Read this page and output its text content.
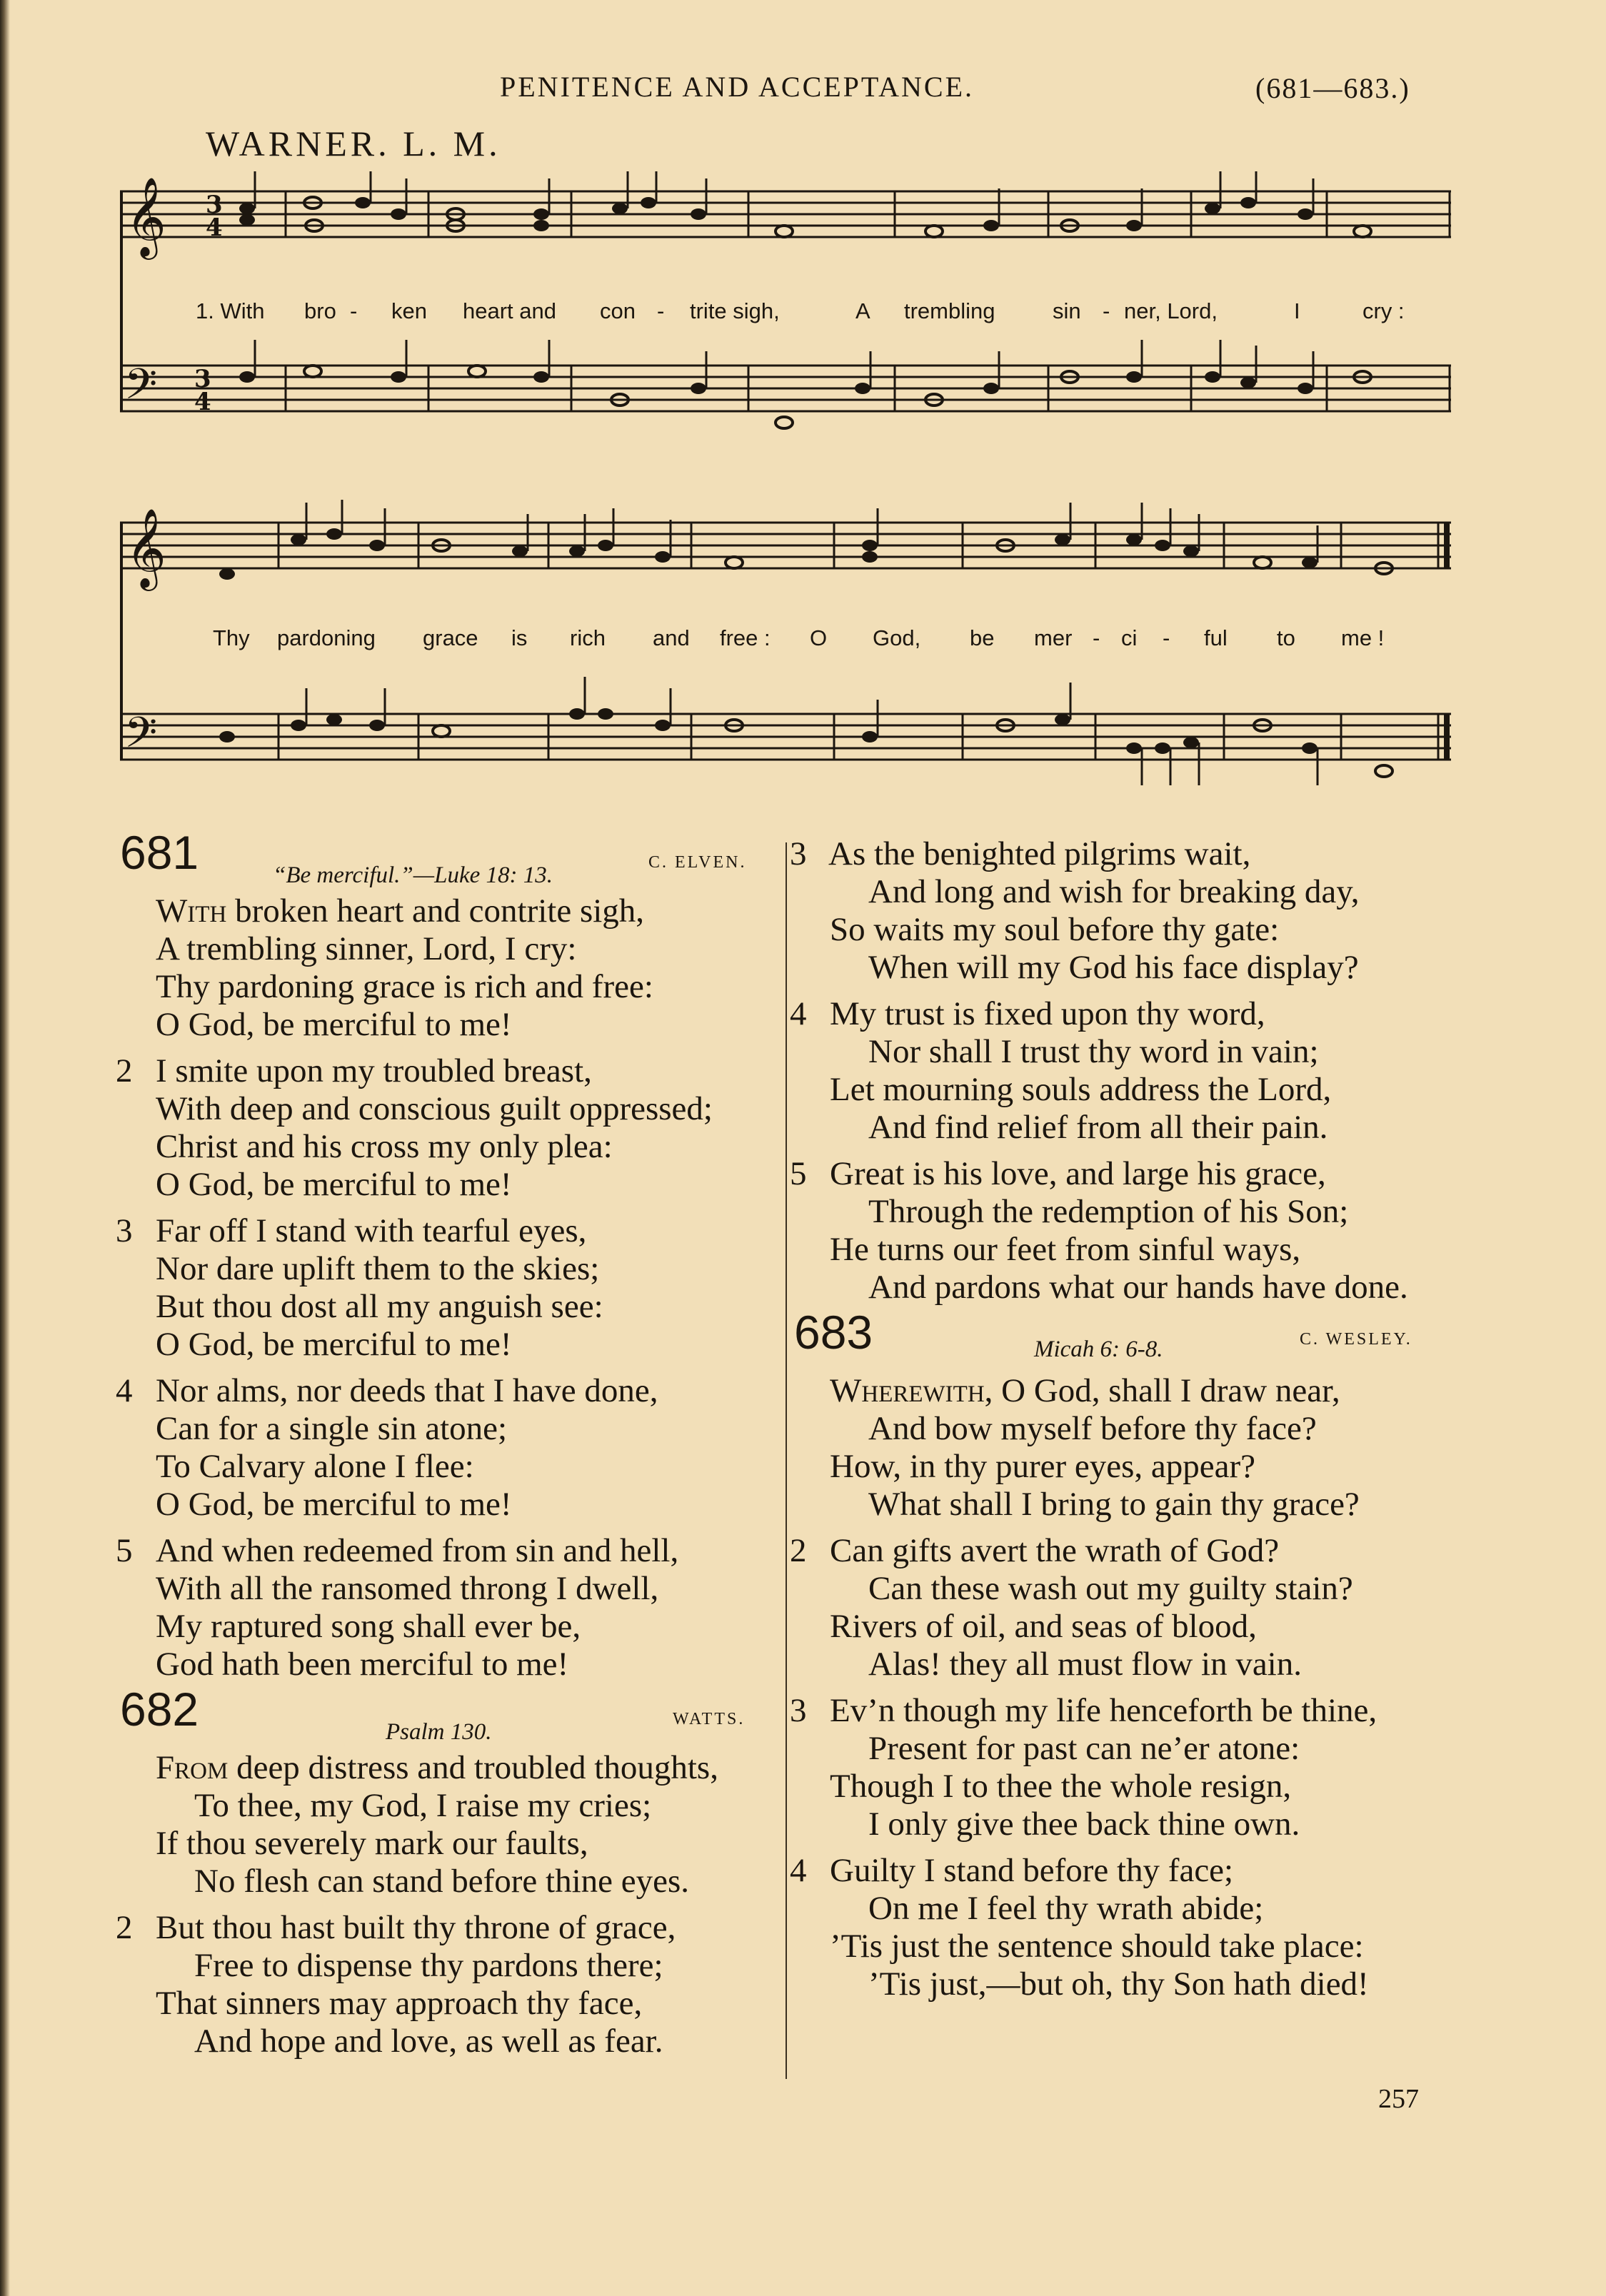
PENITENCE AND ACCEPTANCE.	(681—683.)
WARNER. L. M.
𝄞
𝄢
3
4
3
4
1. With bro - ken heart and con - trite sigh,	A trembling	sin - ner, Lord,	I	cry :
𝄞
𝄢
Thy pardoning grace is rich and free : O God, be mer - ci - ful to me !
681	“Be merciful.”—Luke 18: 13.	C. ELVEN.
With broken heart and contrite sigh,
A trembling sinner, Lord, I cry:
Thy pardoning grace is rich and free:
O God, be merciful to me!
2 I smite upon my troubled breast,
With deep and conscious guilt oppressed;
Christ and his cross my only plea:
O God, be merciful to me!
3 Far off I stand with tearful eyes,
Nor dare uplift them to the skies;
But thou dost all my anguish see:
O God, be merciful to me!
4 Nor alms, nor deeds that I have done,
Can for a single sin atone;
To Calvary alone I flee:
O God, be merciful to me!
5 And when redeemed from sin and hell,
With all the ransomed throng I dwell,
My raptured song shall ever be,
God hath been merciful to me!
682	Psalm 130.	WATTS.
From deep distress and troubled thoughts,
To thee, my God, I raise my cries;
If thou severely mark our faults,
No flesh can stand before thine eyes.
2 But thou hast built thy throne of grace,
Free to dispense thy pardons there;
That sinners may approach thy face,
And hope and love, as well as fear.
3 As the benighted pilgrims wait,
And long and wish for breaking day,
So waits my soul before thy gate:
When will my God his face display?
4 My trust is fixed upon thy word,
Nor shall I trust thy word in vain;
Let mourning souls address the Lord,
And find relief from all their pain.
5 Great is his love, and large his grace,
Through the redemption of his Son;
He turns our feet from sinful ways,
And pardons what our hands have done.
683	Micah 6: 6-8.	C. WESLEY.
Wherewith, O God, shall I draw near,
And bow myself before thy face?
How, in thy purer eyes, appear?
What shall I bring to gain thy grace?
2 Can gifts avert the wrath of God?
Can these wash out my guilty stain?
Rivers of oil, and seas of blood,
Alas! they all must flow in vain.
3 Ev’n though my life henceforth be thine,
Present for past can ne’er atone:
Though I to thee the whole resign,
I only give thee back thine own.
4 Guilty I stand before thy face;
On me I feel thy wrath abide;
’Tis just the sentence should take place:
’Tis just,—but oh, thy Son hath died!
257
